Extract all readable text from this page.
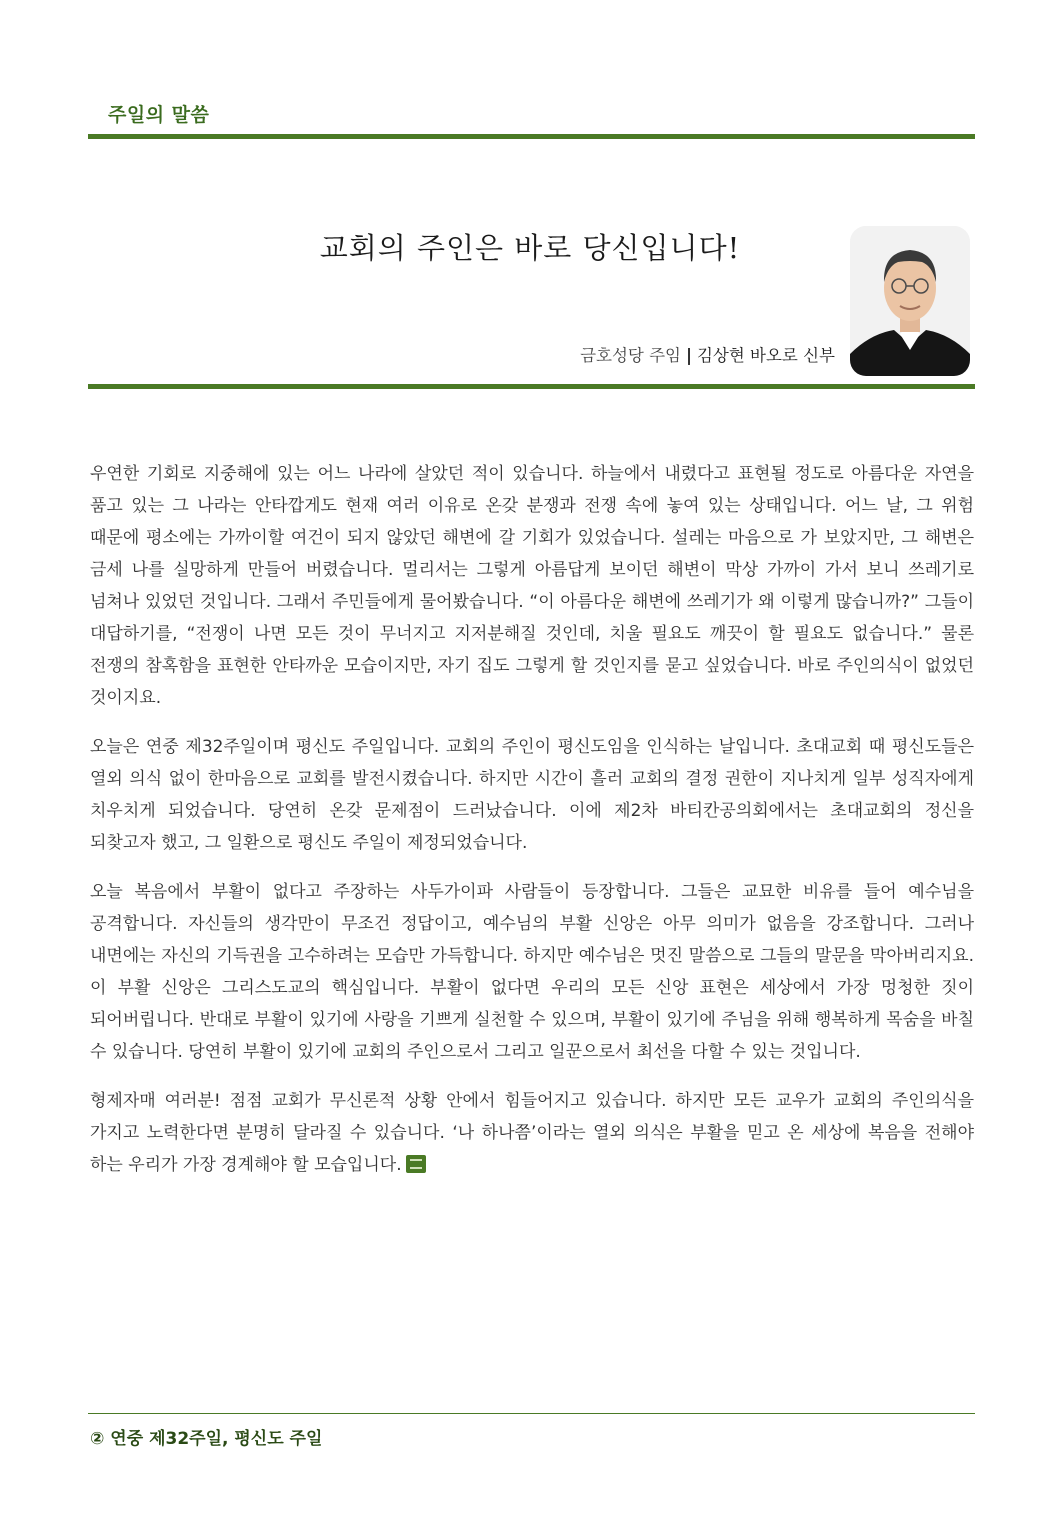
주일의 말씀
교회의 주인은 바로 당신입니다!
금호성당 주임 | 김상현 바오로 신부

우연한 기회로 지중해에 있는 어느 나라에 살았던 적이 있습니다. 하늘에서 내렸다고 표현될 정도로 아름다운 자연을 품고 있는 그 나라는 안타깝게도 현재 여러 이유로 온갖 분쟁과 전쟁 속에 놓여 있는 상태입니다. 어느 날, 그 위험 때문에 평소에는 가까이할 여건이 되지 않았던 해변에 갈 기회가 있었습니다. 설레는 마음으로 가 보았지만, 그 해변은 금세 나를 실망하게 만들어 버렸습니다. 멀리서는 그렇게 아름답게 보이던 해변이 막상 가까이 가서 보니 쓰레기로 넘쳐나 있었던 것입니다. 그래서 주민들에게 물어봤습니다. “이 아름다운 해변에 쓰레기가 왜 이렇게 많습니까?” 그들이 대답하기를, “전쟁이 나면 모든 것이 무너지고 지저분해질 것인데, 치울 필요도 깨끗이 할 필요도 없습니다.” 물론 전쟁의 참혹함을 표현한 안타까운 모습이지만, 자기 집도 그렇게 할 것인지를 묻고 싶었습니다. 바로 주인의식이 없었던 것이지요.

오늘은 연중 제32주일이며 평신도 주일입니다. 교회의 주인이 평신도임을 인식하는 날입니다. 초대교회 때 평신도들은 열외 의식 없이 한마음으로 교회를 발전시켰습니다. 하지만 시간이 흘러 교회의 결정 권한이 지나치게 일부 성직자에게 치우치게 되었습니다. 당연히 온갖 문제점이 드러났습니다. 이에 제2차 바티칸공의회에서는 초대교회의 정신을 되찾고자 했고, 그 일환으로 평신도 주일이 제정되었습니다.

오늘 복음에서 부활이 없다고 주장하는 사두가이파 사람들이 등장합니다. 그들은 교묘한 비유를 들어 예수님을 공격합니다. 자신들의 생각만이 무조건 정답이고, 예수님의 부활 신앙은 아무 의미가 없음을 강조합니다. 그러나 내면에는 자신의 기득권을 고수하려는 모습만 가득합니다. 하지만 예수님은 멋진 말씀으로 그들의 말문을 막아버리지요. 이 부활 신앙은 그리스도교의 핵심입니다. 부활이 없다면 우리의 모든 신앙 표현은 세상에서 가장 멍청한 짓이 되어버립니다. 반대로 부활이 있기에 사랑을 기쁘게 실천할 수 있으며, 부활이 있기에 주님을 위해 행복하게 목숨을 바칠 수 있습니다. 당연히 부활이 있기에 교회의 주인으로서 그리고 일꾼으로서 최선을 다할 수 있는 것입니다.

형제자매 여러분! 점점 교회가 무신론적 상황 안에서 힘들어지고 있습니다. 하지만 모든 교우가 교회의 주인의식을 가지고 노력한다면 분명히 달라질 수 있습니다. ‘나 하나쯤’이라는 열외 의식은 부활을 믿고 온 세상에 복음을 전해야 하는 우리가 가장 경계해야 할 모습입니다.

② 연중 제32주일, 평신도 주일
